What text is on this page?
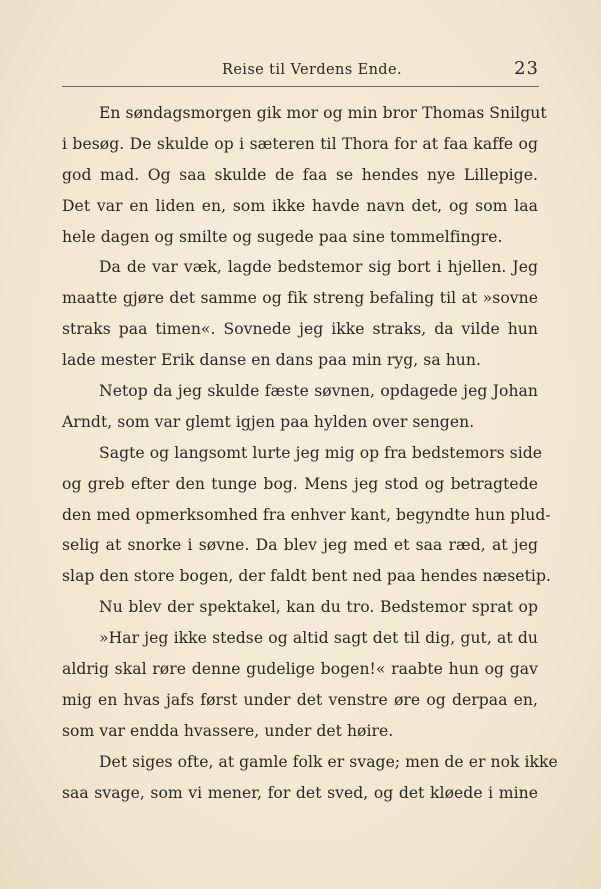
Reise til Verdens Ende.	23
En søndagsmorgen gik mor og min bror Thomas Snilgut
i besøg. De skulde op i sæteren til Thora for at faa kaffe og
god mad. Og saa skulde de faa se hendes nye Lillepige.
Det var en liden en, som ikke havde navn det, og som laa
hele dagen og smilte og sugede paa sine tommelfingre.
Da de var væk, lagde bedstemor sig bort i hjellen. Jeg
maatte gjøre det samme og fik streng befaling til at »sovne
straks paa timen«. Sovnede jeg ikke straks, da vilde hun
lade mester Erik danse en dans paa min ryg, sa hun.
Netop da jeg skulde fæste søvnen, opdagede jeg Johan
Arndt, som var glemt igjen paa hylden over sengen.
Sagte og langsomt lurte jeg mig op fra bedstemors side
og greb efter den tunge bog. Mens jeg stod og betragtede
den med opmerksomhed fra enhver kant, begyndte hun plud-
selig at snorke i søvne. Da blev jeg med et saa ræd, at jeg
slap den store bogen, der faldt bent ned paa hendes næsetip.
Nu blev der spektakel, kan du tro. Bedstemor sprat op
»Har jeg ikke stedse og altid sagt det til dig, gut, at du
aldrig skal røre denne gudelige bogen!« raabte hun og gav
mig en hvas jafs først under det venstre øre og derpaa en,
som var endda hvassere, under det høire.
Det siges ofte, at gamle folk er svage; men de er nok ikke
saa svage, som vi mener, for det sved, og det kløede i mine
